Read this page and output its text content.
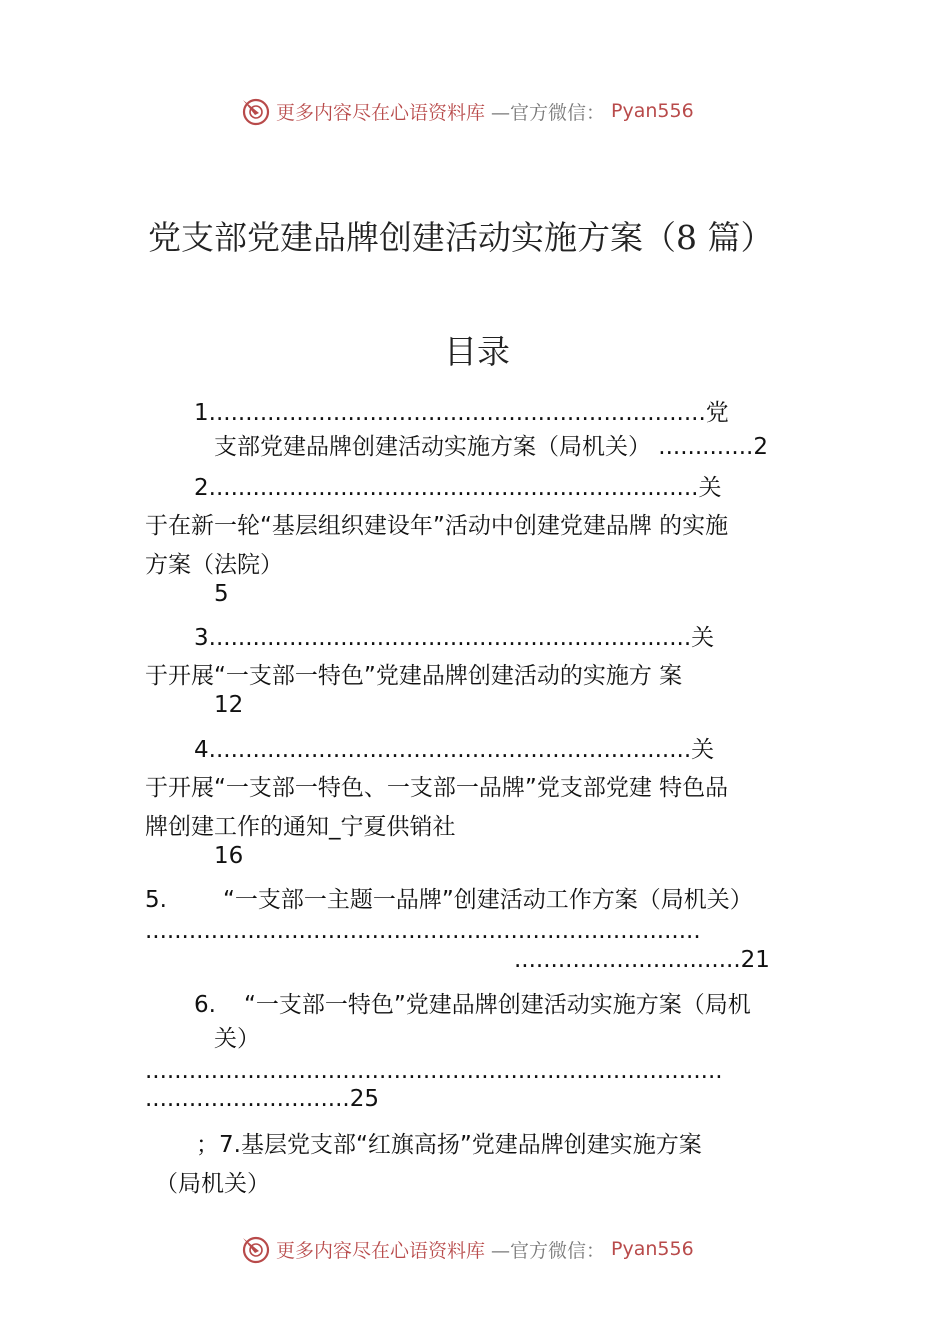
更多内容尽在心语资料库 —官方微信： Pyan556
党支部党建品牌创建活动实施方案（8 篇）
目录
1....................................................................党
支部党建品牌创建活动实施方案（局机关） .............2
2...................................................................关
于在新一轮“基层组织建设年”活动中创建党建品牌 的实施
方案（法院）
5
3..................................................................关
于开展“一支部一特色”党建品牌创建活动的实施方 案
12
4..................................................................关
于开展“一支部一特色、一支部一品牌”党支部党建 特色品
牌创建工作的通知_宁夏供销社
16
5. “一支部一主题一品牌”创建活动工作方案（局机关）
............................................................................
...............................21
6. “一支部一特色”党建品牌创建活动实施方案（局机
关）
...............................................................................
............................25
；7.基层党支部“红旗高扬”党建品牌创建实施方案
（局机关）
更多内容尽在心语资料库 —官方微信： Pyan556
